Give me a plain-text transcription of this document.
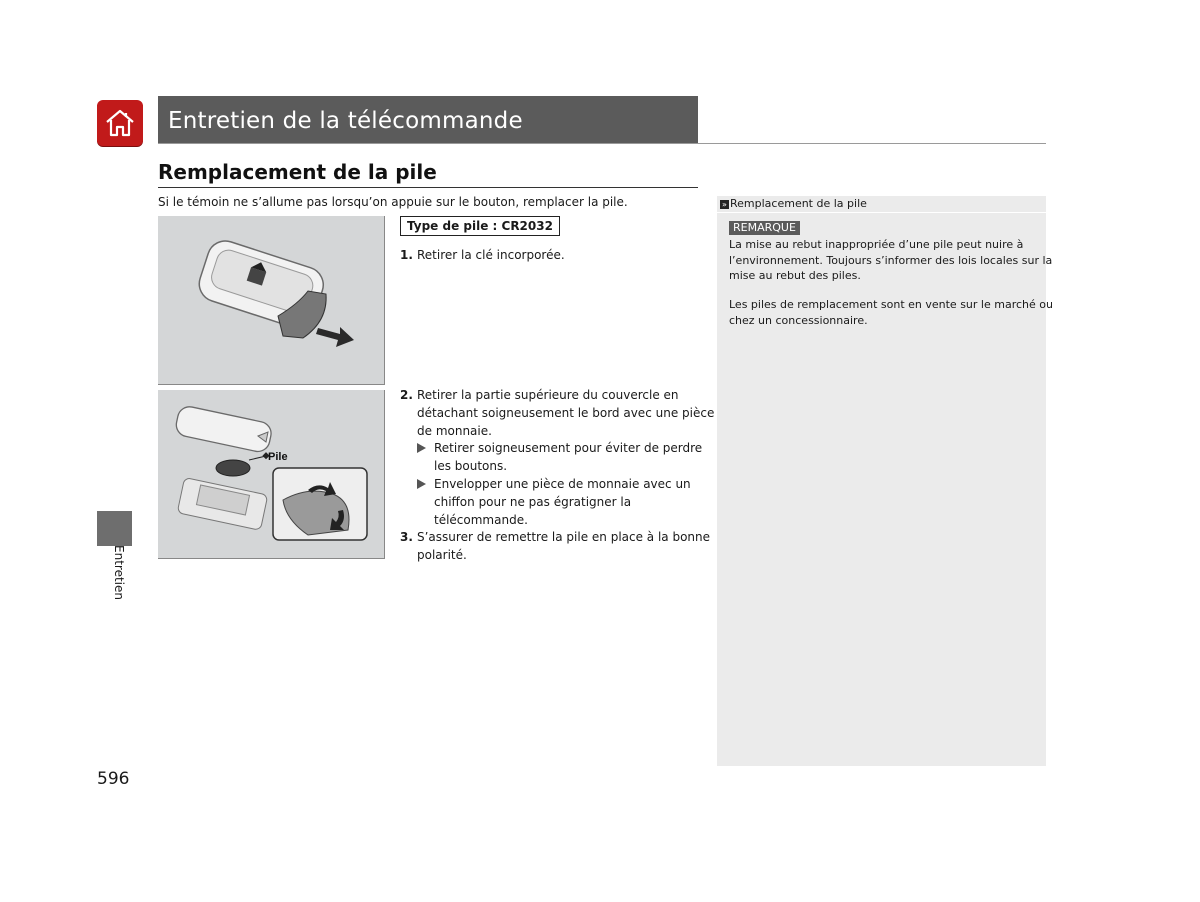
Entretien de la télécommande
Remplacement de la pile
Si le témoin ne s’allume pas lorsqu’on appuie sur le bouton, remplacer la pile.
Pile
Type de pile : CR2032
1. Retirer la clé incorporée.
2. Retirer la partie supérieure du couvercle en
détachant soigneusement le bord avec une pièce
de monnaie.
Retirer soigneusement pour éviter de perdre
les boutons.
Envelopper une pièce de monnaie avec un
chiffon pour ne pas égratigner la
télécommande.
3. S’assurer de remettre la pile en place à la bonne
polarité.
» Remplacement de la pile
REMARQUE
La mise au rebut inappropriée d’une pile peut nuire à
l’environnement. Toujours s’informer des lois locales sur la
mise au rebut des piles.
Les piles de remplacement sont en vente sur le marché ou
chez un concessionnaire.
Entretien
596
